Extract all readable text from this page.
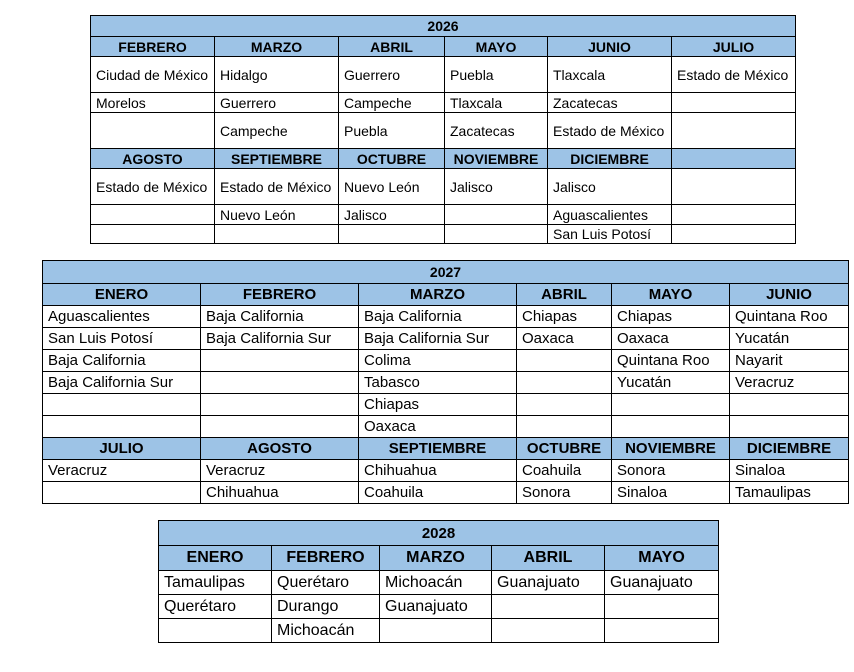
2026					
FEBRERO	MARZO	ABRIL	MAYO	JUNIO	JULIO
Ciudad de México	Hidalgo	Guerrero	Puebla	Tlaxcala	Estado de México
Morelos	Guerrero	Campeche	Tlaxcala	Zacatecas	
	Campeche	Puebla	Zacatecas	Estado de México	
AGOSTO	SEPTIEMBRE	OCTUBRE	NOVIEMBRE	DICIEMBRE	
Estado de México	Estado de México	Nuevo León	Jalisco	Jalisco	
	Nuevo León	Jalisco		Aguascalientes	
				San Luis Potosí	
2027					
ENERO	FEBRERO	MARZO	ABRIL	MAYO	JUNIO
Aguascalientes	Baja California	Baja California	Chiapas	Chiapas	Quintana Roo
San Luis Potosí	Baja California Sur	Baja California Sur	Oaxaca	Oaxaca	Yucatán
Baja California		Colima		Quintana Roo	Nayarit
Baja California Sur		Tabasco		Yucatán	Veracruz
		Chiapas			
		Oaxaca			
JULIO	AGOSTO	SEPTIEMBRE	OCTUBRE	NOVIEMBRE	DICIEMBRE
Veracruz	Veracruz	Chihuahua	Coahuila	Sonora	Sinaloa
	Chihuahua	Coahuila	Sonora	Sinaloa	Tamaulipas
2028				
ENERO	FEBRERO	MARZO	ABRIL	MAYO
Tamaulipas	Querétaro	Michoacán	Guanajuato	Guanajuato
Querétaro	Durango	Guanajuato		
	Michoacán			
